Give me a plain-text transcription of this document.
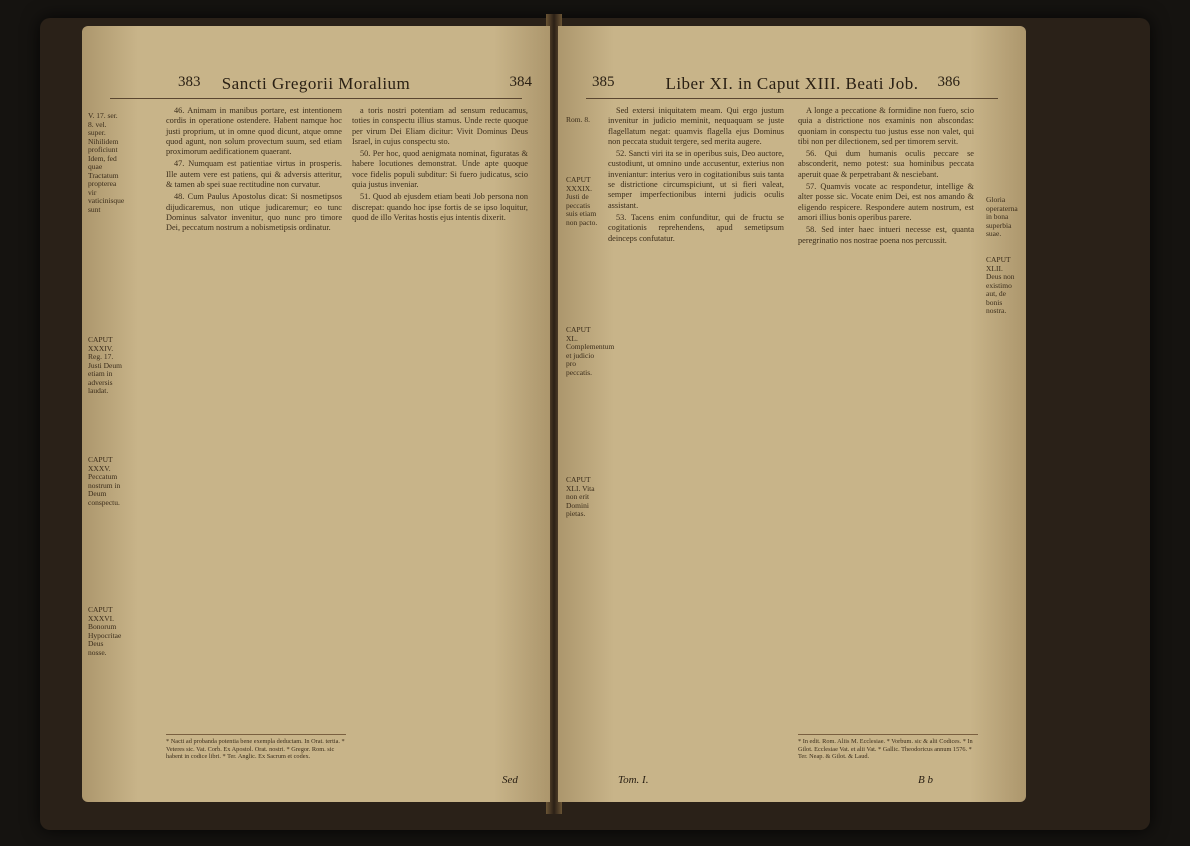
383	Sancti Gregorii Moralium	384
V. 17. ser. 8. vel. super. Nihilidem proficiunt Idem, fed quae Tractatum propterea vir vaticinisque sunt
CAPUT XXXIV. Reg. 17. Justi Deum etiam in adversis laudat.
CAPUT XXXV. Peccatum nostrum in Deum conspectu.
CAPUT XXXVI. Bonorum Hypocritae Deus nosse.

46. Animam in manibus portare, est intentionem cordis in operatione ostendere. Habent namque hoc justi proprium, ut in omne quod dicunt, atque omne quod agunt, non solum provectum suum, sed etiam proximorum aedificationem quaerant.

47. Numquam est patientiae virtus in prosperis. Ille autem vere est patiens, qui & adversis atteritur, & tamen ab spei suae rectitudine non curvatur.

48. Cum Paulus Apostolus dicat: Si nosmetipsos dijudicaremus, non utique judicaremur; eo tunc Dominus salvator invenitur, quo nunc pro timore Dei, peccatum nostrum a nobismetipsis ordinatur.

a toris nostri potentiam ad sensum reducamus, toties in conspectu illius stamus. Unde recte quoque per virum Dei Eliam dicitur: Vivit Dominus Deus Israel, in cujus conspectu sto.

50. Per hoc, quod aenigmata nominat, figuratas & habere locutiones demonstrat. Unde apte quoque voce fidelis populi subditur: Si fuero judicatus, scio quia justus inveniar.

51. Quod ab ejusdem etiam beati Job persona non discrepat: quando hoc ipse fortis de se ipso loquitur, quod de illo Veritas hostis ejus intentis dixerit.

* Nacti ad probanda potentia bene exempla deductam. In Orat. tertia. * Veteres sic. Vat. Corb. Ex Apostol. Orat. nostri. * Gregor. Rom. sic habent in codice libri. * Ter. Anglic. Ex Sacrum et codex.
Sed
385	Liber XI. in Caput XIII. Beati Job.	386
Rom. 8.
CAPUT XXXIX. Justi de peccatis suis etiam non pacto.
CAPUT XL. Complementum et judicio pro peccatis.
CAPUT XLI. Vita non erit Domini pietas.
Gloria operaterna in bona superbia suae.
CAPUT XLII. Deus non existimo aut, de bonis nostra.

Sed extersi iniquitatem meam. Qui ergo justum invenitur in judicio meminit, nequaquam se juste flagellatum negat: quamvis flagella ejus Dominus non peccata studuit tergere, sed merita augere.

52. Sancti viri ita se in operibus suis, Deo auctore, custodiunt, ut omnino unde accusentur, exterius non inveniantur: interius vero in cogitationibus suis tanta se districtione circumspiciunt, ut si fieri valeat, semper imperfectionibus interni judicis oculis assistant.

53. Tacens enim confunditur, qui de fructu se cogitationis reprehendens, apud semetipsum deinceps confutatur.

A longe a peccatione & formidine non fuero, scio quia a districtione nos examinis non abscondas: quoniam in conspectu tuo justus esse non valet, qui tibi non per dilectionem, sed per timorem servit.

56. Qui dum humanis oculis peccare se absconderit, nemo potest: sua hominibus peccata aperuit quae & perpetrabant & nesciebant.

57. Quamvis vocate ac respondetur, intellige & alter posse sic. Vocate enim Dei, est nos amando & eligendo respicere. Respondere autem nostrum, est amori illius bonis operibus parere.

58. Sed inter haec intueri necesse est, quanta peregrinatio nos nostrae poena nos percussit.

* In edit. Rom. Aliis M. Ecclesiae. * Vorbum. sic & alii Codices. * In Gilot. Ecclesiae Vat. et alii Vat. * Gallic. Theodoricus annum 1576. * Ter. Neap. & Gilot. & Laud.
Tom. I.	B b
